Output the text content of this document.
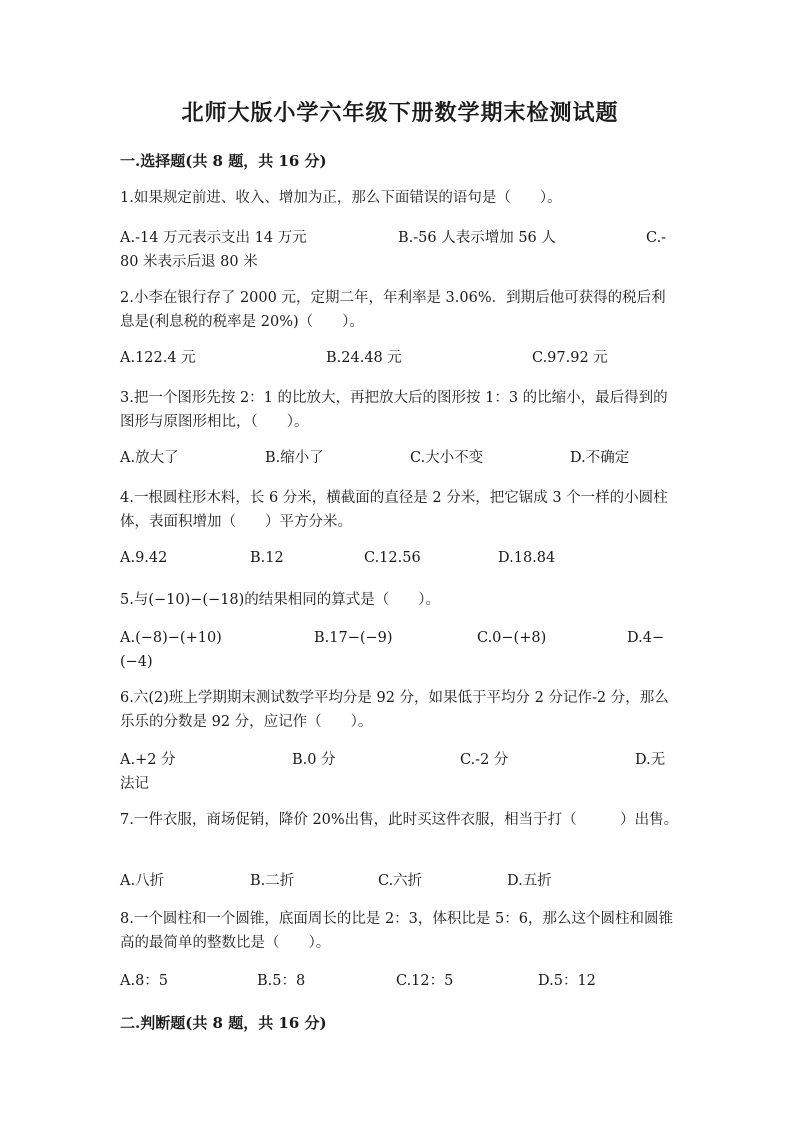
北师大版小学六年级下册数学期末检测试题
一.选择题(共 8 题，共 16 分)
1.如果规定前进、收入、增加为正，那么下面错误的语句是（　　）。
A.-14 万元表示支出 14 万元	B.-56 人表示增加 56 人	C.-
80 米表示后退 80 米
2.小李在银行存了 2000 元，定期二年，年利率是 3.06%．到期后他可获得的税后利息是(利息税的税率是 20%)（　　）。
A.122.4 元	B.24.48 元	C.97.92 元
3.把一个图形先按 2：1 的比放大，再把放大后的图形按 1：3 的比缩小，最后得到的图形与原图形相比，（　　）。
A.放大了	B.缩小了	C.大小不变	D.不确定
4.一根圆柱形木料，长 6 分米，横截面的直径是 2 分米，把它锯成 3 个一样的小圆柱体，表面积增加（　　）平方分米。
A.9.42	B.12	C.12.56	D.18.84
5.与(−10)−(−18)的结果相同的算式是（　　）。
A.(−8)−(+10)	B.17−(−9)	C.0−(+8)	D.4−
(−4)
6.六(2)班上学期期末测试数学平均分是 92 分，如果低于平均分 2 分记作-2 分，那么乐乐的分数是 92 分，应记作（　　）。
A.+2 分	B.0 分	C.-2 分	D.无
法记
7.一件衣服，商场促销，降价 20%出售，此时买这件衣服，相当于打（　　　）出售。
A.八折	B.二折	C.六折	D.五折
8.一个圆柱和一个圆锥，底面周长的比是 2：3，体积比是 5：6，那么这个圆柱和圆锥高的最简单的整数比是（　　）。
A.8：5	B.5：8	C.12：5	D.5：12
二.判断题(共 8 题，共 16 分)
